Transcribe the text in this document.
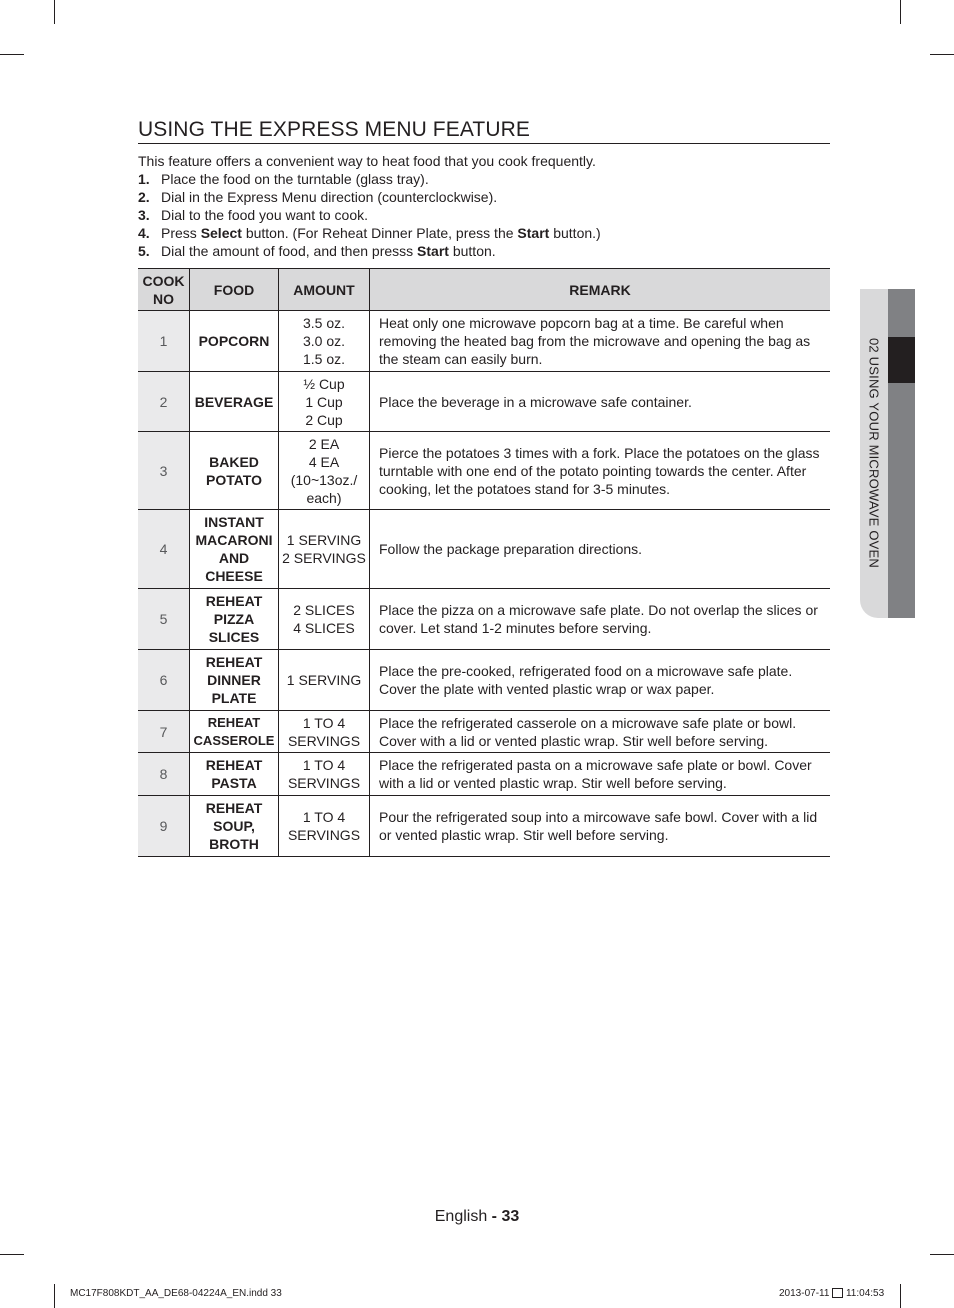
02 USING YOUR MICROWAVE OVEN
USING THE EXPRESS MENU FEATURE
This feature offers a convenient way to heat food that you cook frequently.
1. Place the food on the turntable (glass tray).
2. Dial in the Express Menu direction (counterclockwise).
3. Dial to the food you want to cook.
4. Press Select button. (For Reheat Dinner Plate, press the Start button.)
5. Dial the amount of food, and then presss Start button.
COOK NO	FOOD	AMOUNT	REMARK
1	POPCORN	3.5 oz.
3.0 oz.
1.5 oz.	Heat only one microwave popcorn bag at a time. Be careful when removing the heated bag from the microwave and opening the bag as the steam can easily burn.
2	BEVERAGE	½ Cup
1 Cup
2 Cup	Place the beverage in a microwave safe container.
3	BAKED
POTATO	2 EA
4 EA
(10~13oz./
each)	Pierce the potatoes 3 times with a fork. Place the potatoes on the glass turntable with one end of the potato pointing towards the center. After cooking, let the potatoes stand for 3-5 minutes.
4	INSTANT
MACARONI
AND
CHEESE	1 SERVING
2 SERVINGS	Follow the package preparation directions.
5	REHEAT
PIZZA
SLICES	2 SLICES
4 SLICES	Place the pizza on a microwave safe plate. Do not overlap the slices or cover. Let stand 1-2 minutes before serving.
6	REHEAT
DINNER
PLATE	1 SERVING	Place the pre-cooked, refrigerated food on a microwave safe plate. Cover the plate with vented plastic wrap or wax paper.
7	REHEAT
CASSEROLE	1 TO 4
SERVINGS	Place the refrigerated casserole on a microwave safe plate or bowl. Cover with a lid or vented plastic wrap. Stir well before serving.
8	REHEAT
PASTA	1 TO 4
SERVINGS	Place the refrigerated pasta on a microwave safe plate or bowl. Cover with a lid or vented plastic wrap. Stir well before serving.
9	REHEAT
SOUP,
BROTH	1 TO 4
SERVINGS	Pour the refrigerated soup into a mircowave safe bowl. Cover with a lid or vented plastic wrap. Stir well before serving.
English - 33
MC17F808KDT_AA_DE68-04224A_EN.indd 33	2013-07-11  11:04:53
